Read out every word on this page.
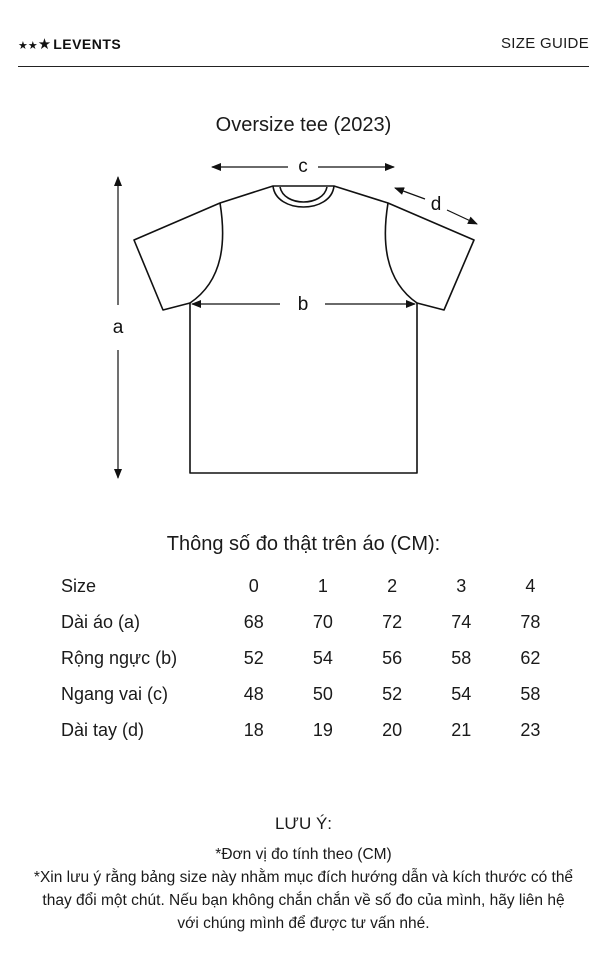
★ ★ ★ LEVENTS	SIZE GUIDE
Oversize tee (2023)
a
b
c
d
Thông số đo thật trên áo (CM):
Size	0	1	2	3	4
Dài áo (a)	68	70	72	74	78
Rộng ngực (b)	52	54	56	58	62
Ngang vai (c)	48	50	52	54	58
Dài tay (d)	18	19	20	21	23
LƯU Ý:
*Đơn vị đo tính theo (CM)
*Xin lưu ý rằng bảng size này nhằm mục đích hướng dẫn và kích thước có thể thay đổi một chút. Nếu bạn không chắn chắn về số đo của mình, hãy liên hệ với chúng mình để được tư vấn nhé.
